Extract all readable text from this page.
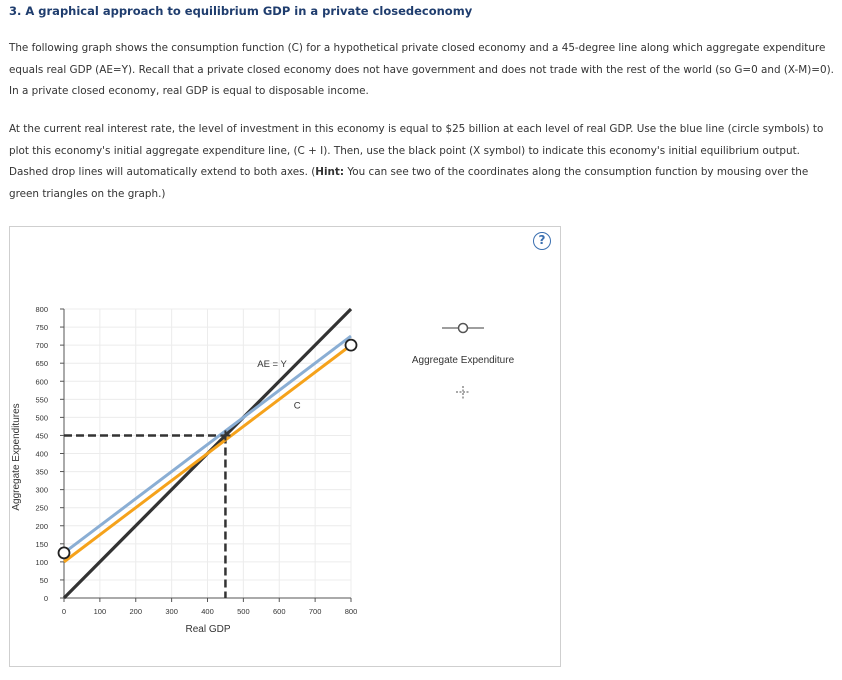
3. A graphical approach to equilibrium GDP in a private closedeconomy
The following graph shows the consumption function (C) for a hypothetical private closed economy and a 45-degree line along which aggregate expenditure equals real GDP (AE=Y). Recall that a private closed economy does not have government and does not trade with the rest of the world (so G=0 and (X-M)=0). In a private closed economy, real GDP is equal to disposable income.
At the current real interest rate, the level of investment in this economy is equal to $25 billion at each level of real GDP. Use the blue line (circle symbols) to plot this economy's initial aggregate expenditure line, (C + I). Then, use the black point (X symbol) to indicate this economy's initial equilibrium output. Dashed drop lines will automatically extend to both axes. (Hint: You can see two of the coordinates along the consumption function by mousing over the green triangles on the graph.)
?
0	100	200	300	400	500	600	700	800
0
50
100
150
200
250
300
350
400
450
500
550
600
650
700
750
800
AE = Y
C
Real GDP
Aggregate Expenditures
Aggregate Expenditure
